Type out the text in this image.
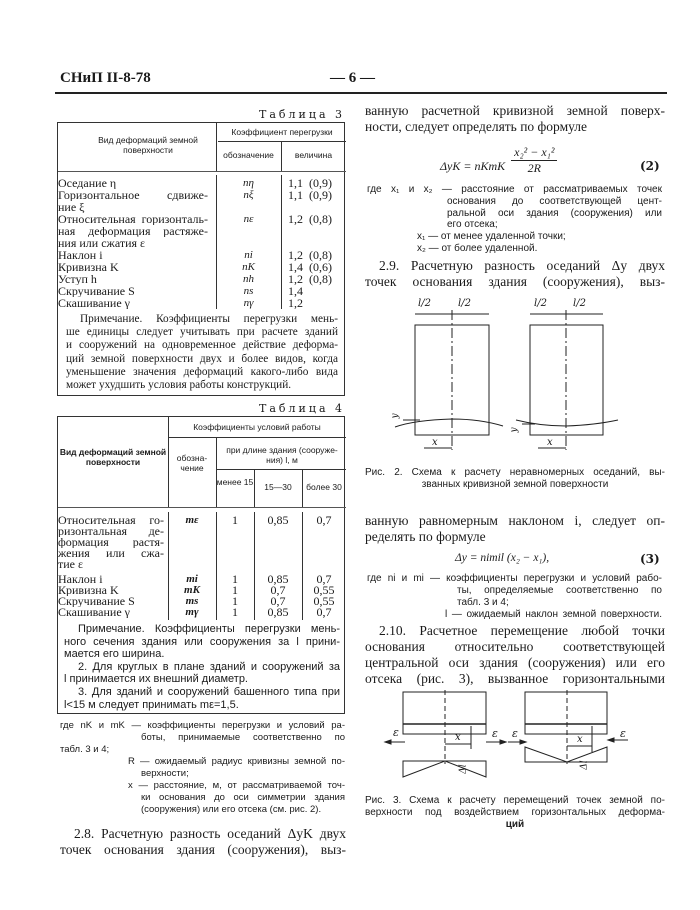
СНиП II-8-78	— 6 —
Таблица 3
Вид деформаций земной поверхности
Коэффициент перегрузки
обозначение	величина
Оседание η	nη	1,1  (0,9)
Горизонтальное сдвиже-
ние ξ
nξ	1,1  (0,9)
Относительная горизонталь-
ная деформация растяже-
ния или сжатия ε
nε	1,2  (0,8)
Наклон i	ni	1,2  (0,8)
Кривизна K	nK	1,4  (0,6)
Уступ h	nh	1,2  (0,8)
Скручивание S	ns	1,4
Скашивание γ	nγ	1,2
Примечание. Коэффициенты перегрузки мень-
ше единицы следует учитывать при расчете зданий
и сооружений на одновременное действие деформа-
ций земной поверхности двух и более видов, когда
уменьшение значения деформаций какого-либо вида
может ухудшить условия работы конструкций.
Таблица 4
Вид деформаций земной поверхности
Коэффициенты условий работы
обозна- чение
при длине здания (сооруже- ния) l, м
менее 15	15—30	более 30
Относительная го-
ризонтальная де-
формация растя-
жения или сжа-
тие ε
mε	1	0,85	0,7
Наклон i	mi	1	0,85	0,7
Кривизна K	mK	1	0,7	0,55
Скручивание S	ms	1	0,7	0,55
Скашивание γ	mγ	1	0,85	0,7
Примечание. Коэффициенты перегрузки мень-
ного сечения здания или сооружения за l прини-
мается его ширина.
2. Для круглых в плане зданий и сооружений за
l принимается их внешний диаметр.
3. Для зданий и сооружений башенного типа при
l<15 м следует принимать mε=1,5.
где nK и mK — коэффициенты перегрузки и условий ра-
боты, принимаемые соответственно по
табл. 3 и 4;
R — ожидаемый радиус кривизны земной по-
верхности;
x — расстояние, м, от рассматриваемой точ-
ки основания до оси симметрии здания
(сооружения) или его отсека (см. рис. 2).
2.8. Расчетную разность оседаний ΔyK двух
точек основания здания (сооружения), выз-
ванную расчетной кривизной земной поверх-
ности, следует определять по формуле
ΔyK = nKmK $\frac{\text{x₂² − x₁²}}{2R}$	(2)
где x₁ и x₂ — расстояние от рассматриваемых точек
основания до соответствующей цент-
ральной оси здания (сооружения) или
его отсека;
x₁ — от менее удаленной точки;
x₂ — от более удаленной.
2.9. Расчетную разность оседаний Δy двух
точек основания здания (сооружения), выз-
l/2	l/2	l/2	l/2
x	x
y
y
Рис. 2. Схема к расчету неравномерных оседаний, вы-
званных кривизной земной поверхности
ванную равномерным наклоном i, следует оп-
ределять по формуле
Δy = nimil (x₂ − x₁),	(3)
где ni и mi — коэффициенты перегрузки и условий рабо-
ты, определяемые соответственно по
табл. 3 и 4;
l — ожидаемый наклон земной поверхности.
2.10. Расчетное перемещение любой точки
основания относительно соответствующей
центральной оси здания (сооружения) или его
отсека (рис. 3), вызванное горизонтальными
ε	ε ε	ε
x	x
Δl	Δl
Рис. 3. Схема к расчету перемещений точек земной по-
верхности под воздействием горизонтальных деформа-
ций
